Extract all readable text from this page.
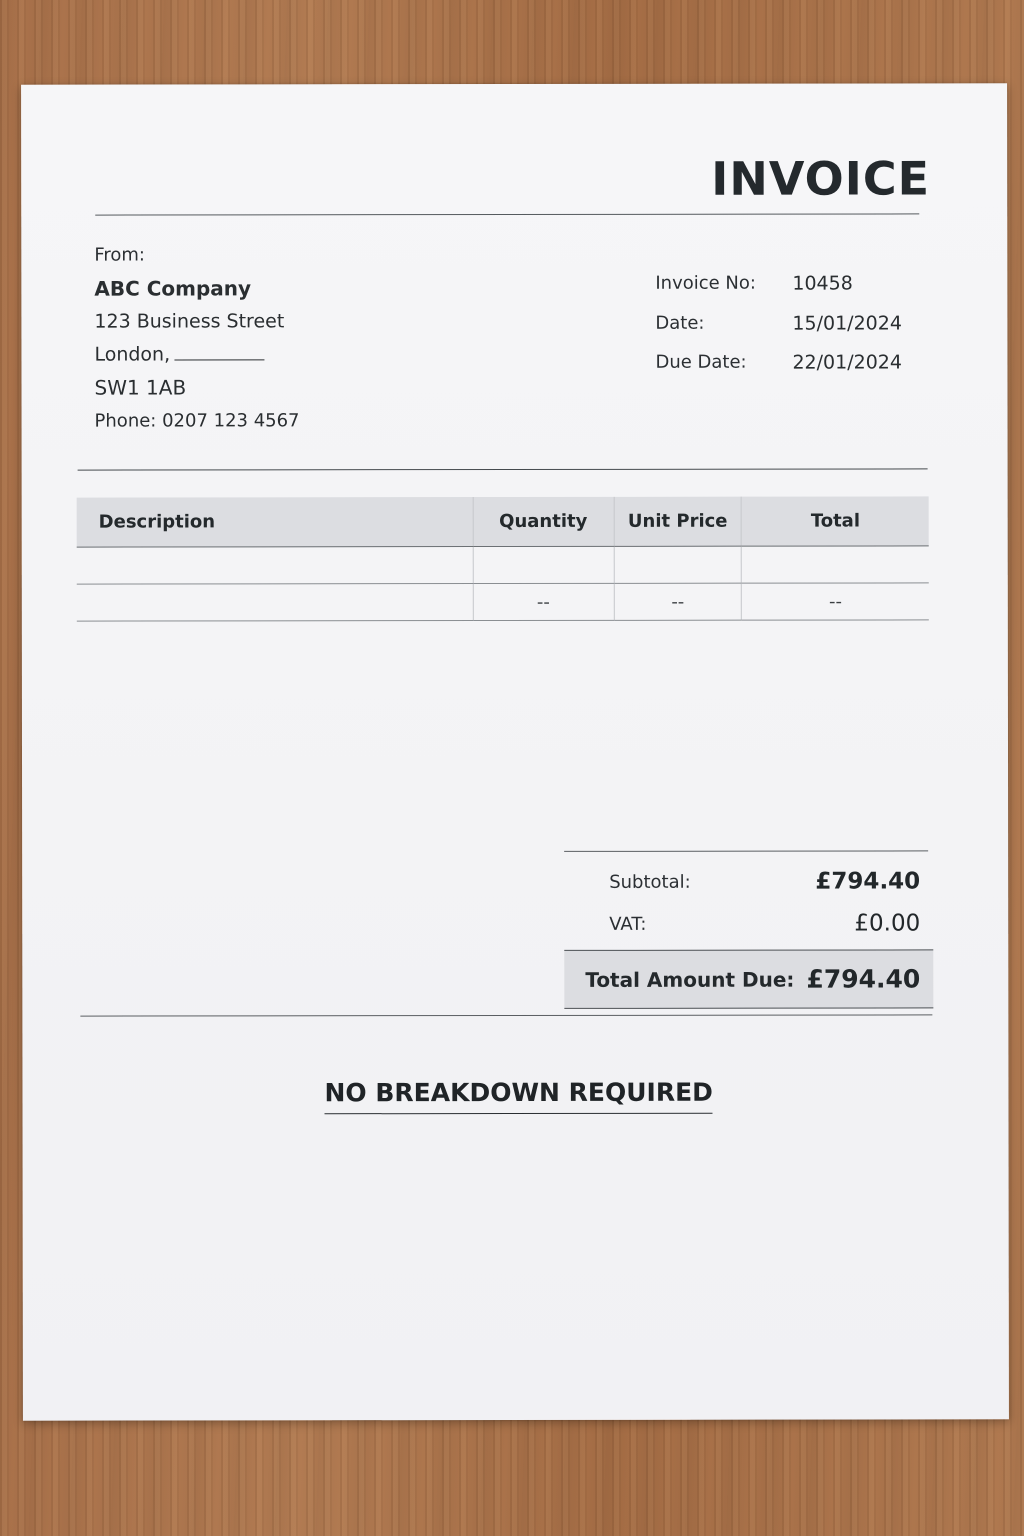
INVOICE
From:
ABC Company
123 Business Street
London,
SW1 1AB
Phone: 0207 123 4567
Invoice No: 10458
Date:	15/01/2024
Due Date: 22/01/2024
Description	Quantity	Unit Price	Total

	--	--	--
Subtotal:	£794.40
VAT:	£0.00
Total Amount Due: £794.40
NO BREAKDOWN REQUIRED
